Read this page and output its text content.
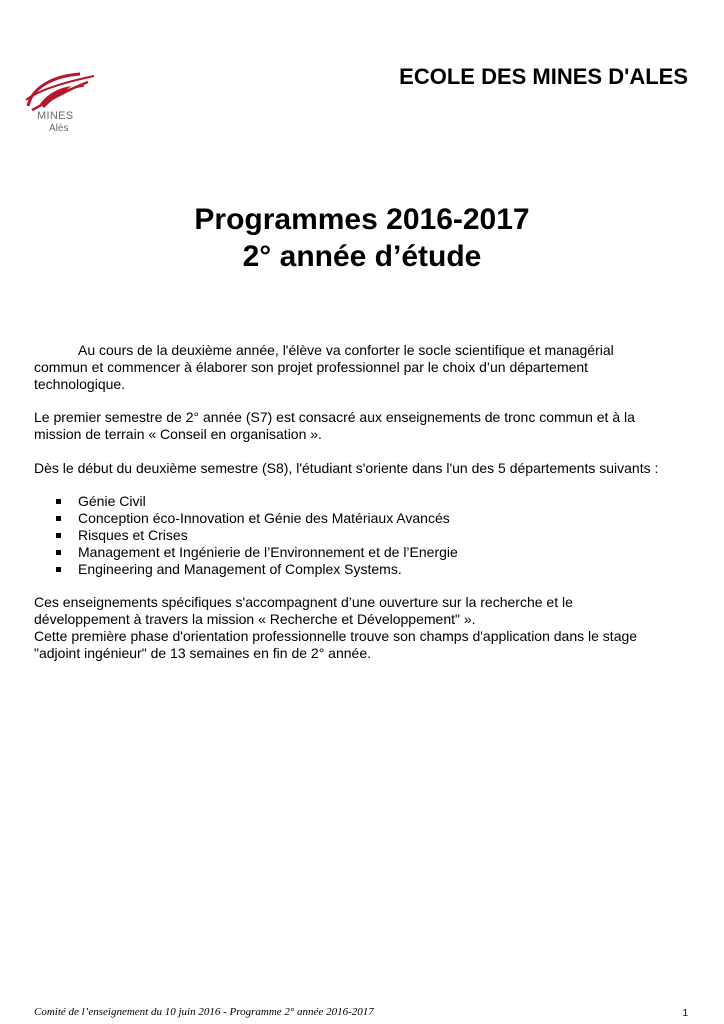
MINES
Alès
ECOLE DES MINES D'ALES
Programmes 2016-2017
2° année d’étude
Au cours de la deuxième année, l'élève va conforter le socle scientifique et managérial
commun et commencer à élaborer son projet professionnel par le choix d’un département
technologique.
Le premier semestre de 2° année (S7) est consacré aux enseignements de tronc commun et à la
mission de terrain « Conseil en organisation ».
Dès le début du deuxième semestre (S8), l'étudiant s'oriente dans l'un des 5 départements suivants :
Génie Civil
Conception éco-Innovation et Génie des Matériaux Avancés
Risques et Crises
Management et Ingénierie de l’Environnement et de l’Energie
Engineering and Management of Complex Systems.
Ces enseignements spécifiques s'accompagnent d’une ouverture sur la recherche et le
développement à travers la mission « Recherche et Développement" ».
Cette première phase d'orientation professionnelle trouve son champs d'application dans le stage
"adjoint ingénieur" de 13 semaines en fin de 2° année.
Comité de l’enseignement du 10 juin 2016 - Programme 2° année 2016-2017	1
